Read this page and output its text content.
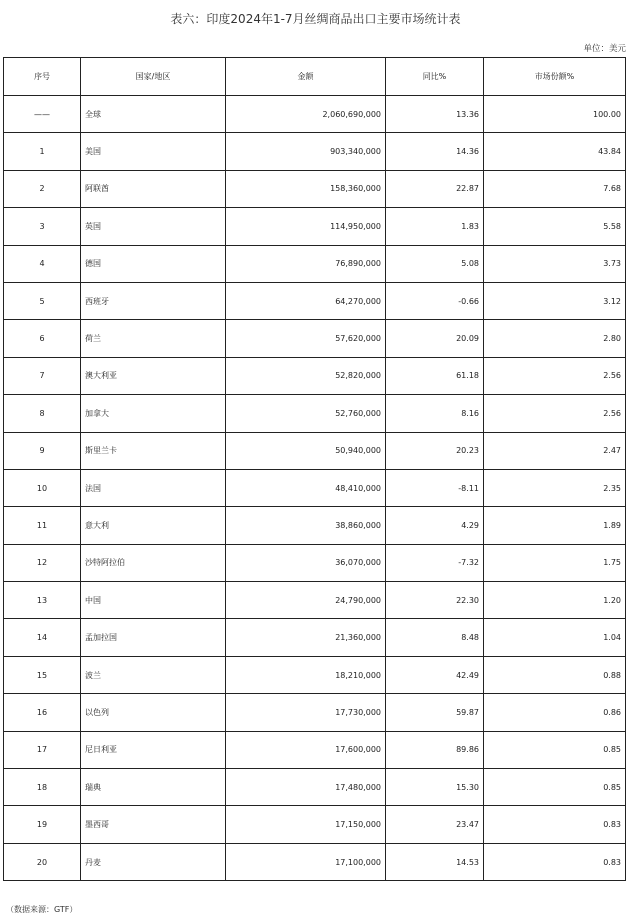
表六：印度2024年1-7月丝绸商品出口主要市场统计表
单位：美元
序号	国家/地区	金额	同比%	市场份额%
——	全球	2,060,690,000	13.36	100.00
1	美国	903,340,000	14.36	43.84
2	阿联酋	158,360,000	22.87	7.68
3	英国	114,950,000	1.83	5.58
4	德国	76,890,000	5.08	3.73
5	西班牙	64,270,000	-0.66	3.12
6	荷兰	57,620,000	20.09	2.80
7	澳大利亚	52,820,000	61.18	2.56
8	加拿大	52,760,000	8.16	2.56
9	斯里兰卡	50,940,000	20.23	2.47
10	法国	48,410,000	-8.11	2.35
11	意大利	38,860,000	4.29	1.89
12	沙特阿拉伯	36,070,000	-7.32	1.75
13	中国	24,790,000	22.30	1.20
14	孟加拉国	21,360,000	8.48	1.04
15	波兰	18,210,000	42.49	0.88
16	以色列	17,730,000	59.87	0.86
17	尼日利亚	17,600,000	89.86	0.85
18	瑞典	17,480,000	15.30	0.85
19	墨西哥	17,150,000	23.47	0.83
20	丹麦	17,100,000	14.53	0.83
（数据来源：GTF）
